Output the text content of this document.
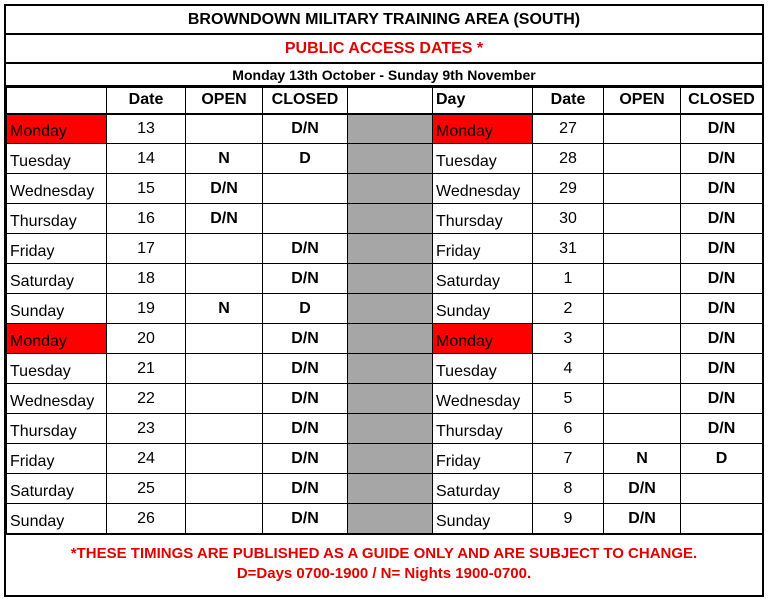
BROWNDOWN MILITARY TRAINING AREA (SOUTH)
PUBLIC ACCESS DATES *
Monday 13th October - Sunday 9th November
	Date	OPEN	CLOSED		Day	Date	OPEN	CLOSED
Monday	13		D/N		Monday	27		D/N
Tuesday	14	N	D		Tuesday	28		D/N
Wednesday	15	D/N			Wednesday	29		D/N
Thursday	16	D/N			Thursday	30		D/N
Friday	17		D/N		Friday	31		D/N
Saturday	18		D/N		Saturday	1		D/N
Sunday	19	N	D		Sunday	2		D/N
Monday	20		D/N		Monday	3		D/N
Tuesday	21		D/N		Tuesday	4		D/N
Wednesday	22		D/N		Wednesday	5		D/N
Thursday	23		D/N		Thursday	6		D/N
Friday	24		D/N		Friday	7	N	D
Saturday	25		D/N		Saturday	8	D/N	
Sunday	26		D/N		Sunday	9	D/N	
*THESE TIMINGS ARE PUBLISHED AS A GUIDE ONLY AND ARE SUBJECT TO CHANGE.
D=Days 0700-1900 / N= Nights 1900-0700.
